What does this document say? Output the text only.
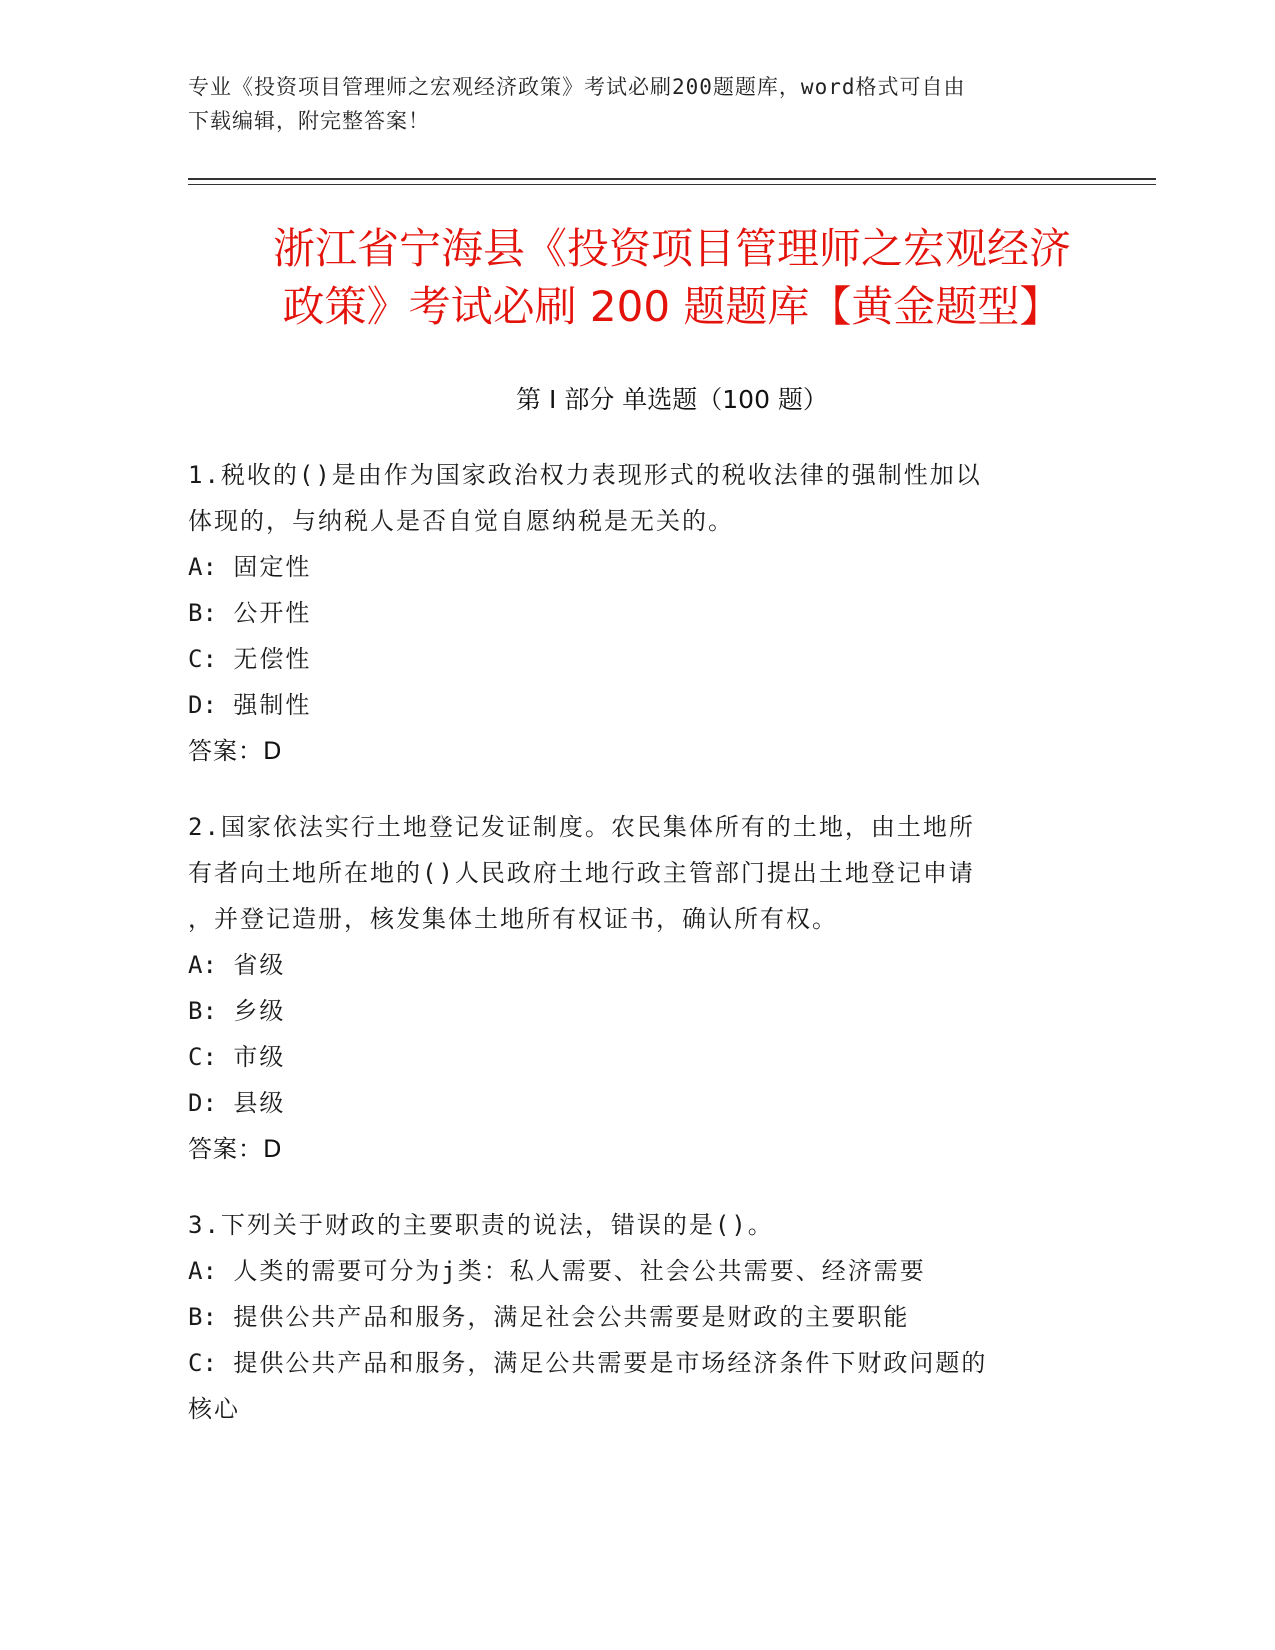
专业《投资项目管理师之宏观经济政策》考试必刷200题题库，word格式可自由
下载编辑，附完整答案！
浙江省宁海县《投资项目管理师之宏观经济
政策》考试必刷 200 题题库【黄金题型】
第 I 部分 单选题（100 题）
1.税收的()是由作为国家政治权力表现形式的税收法律的强制性加以
体现的，与纳税人是否自觉自愿纳税是无关的。
A: 固定性
B: 公开性
C: 无偿性
D: 强制性
答案：D
2.国家依法实行土地登记发证制度。农民集体所有的土地，由土地所
有者向土地所在地的()人民政府土地行政主管部门提出土地登记申请
，并登记造册，核发集体土地所有权证书，确认所有权。
A: 省级
B: 乡级
C: 市级
D: 县级
答案：D
3.下列关于财政的主要职责的说法，错误的是()。
A: 人类的需要可分为j类：私人需要、社会公共需要、经济需要
B: 提供公共产品和服务，满足社会公共需要是财政的主要职能
C: 提供公共产品和服务，满足公共需要是市场经济条件下财政问题的
核心
